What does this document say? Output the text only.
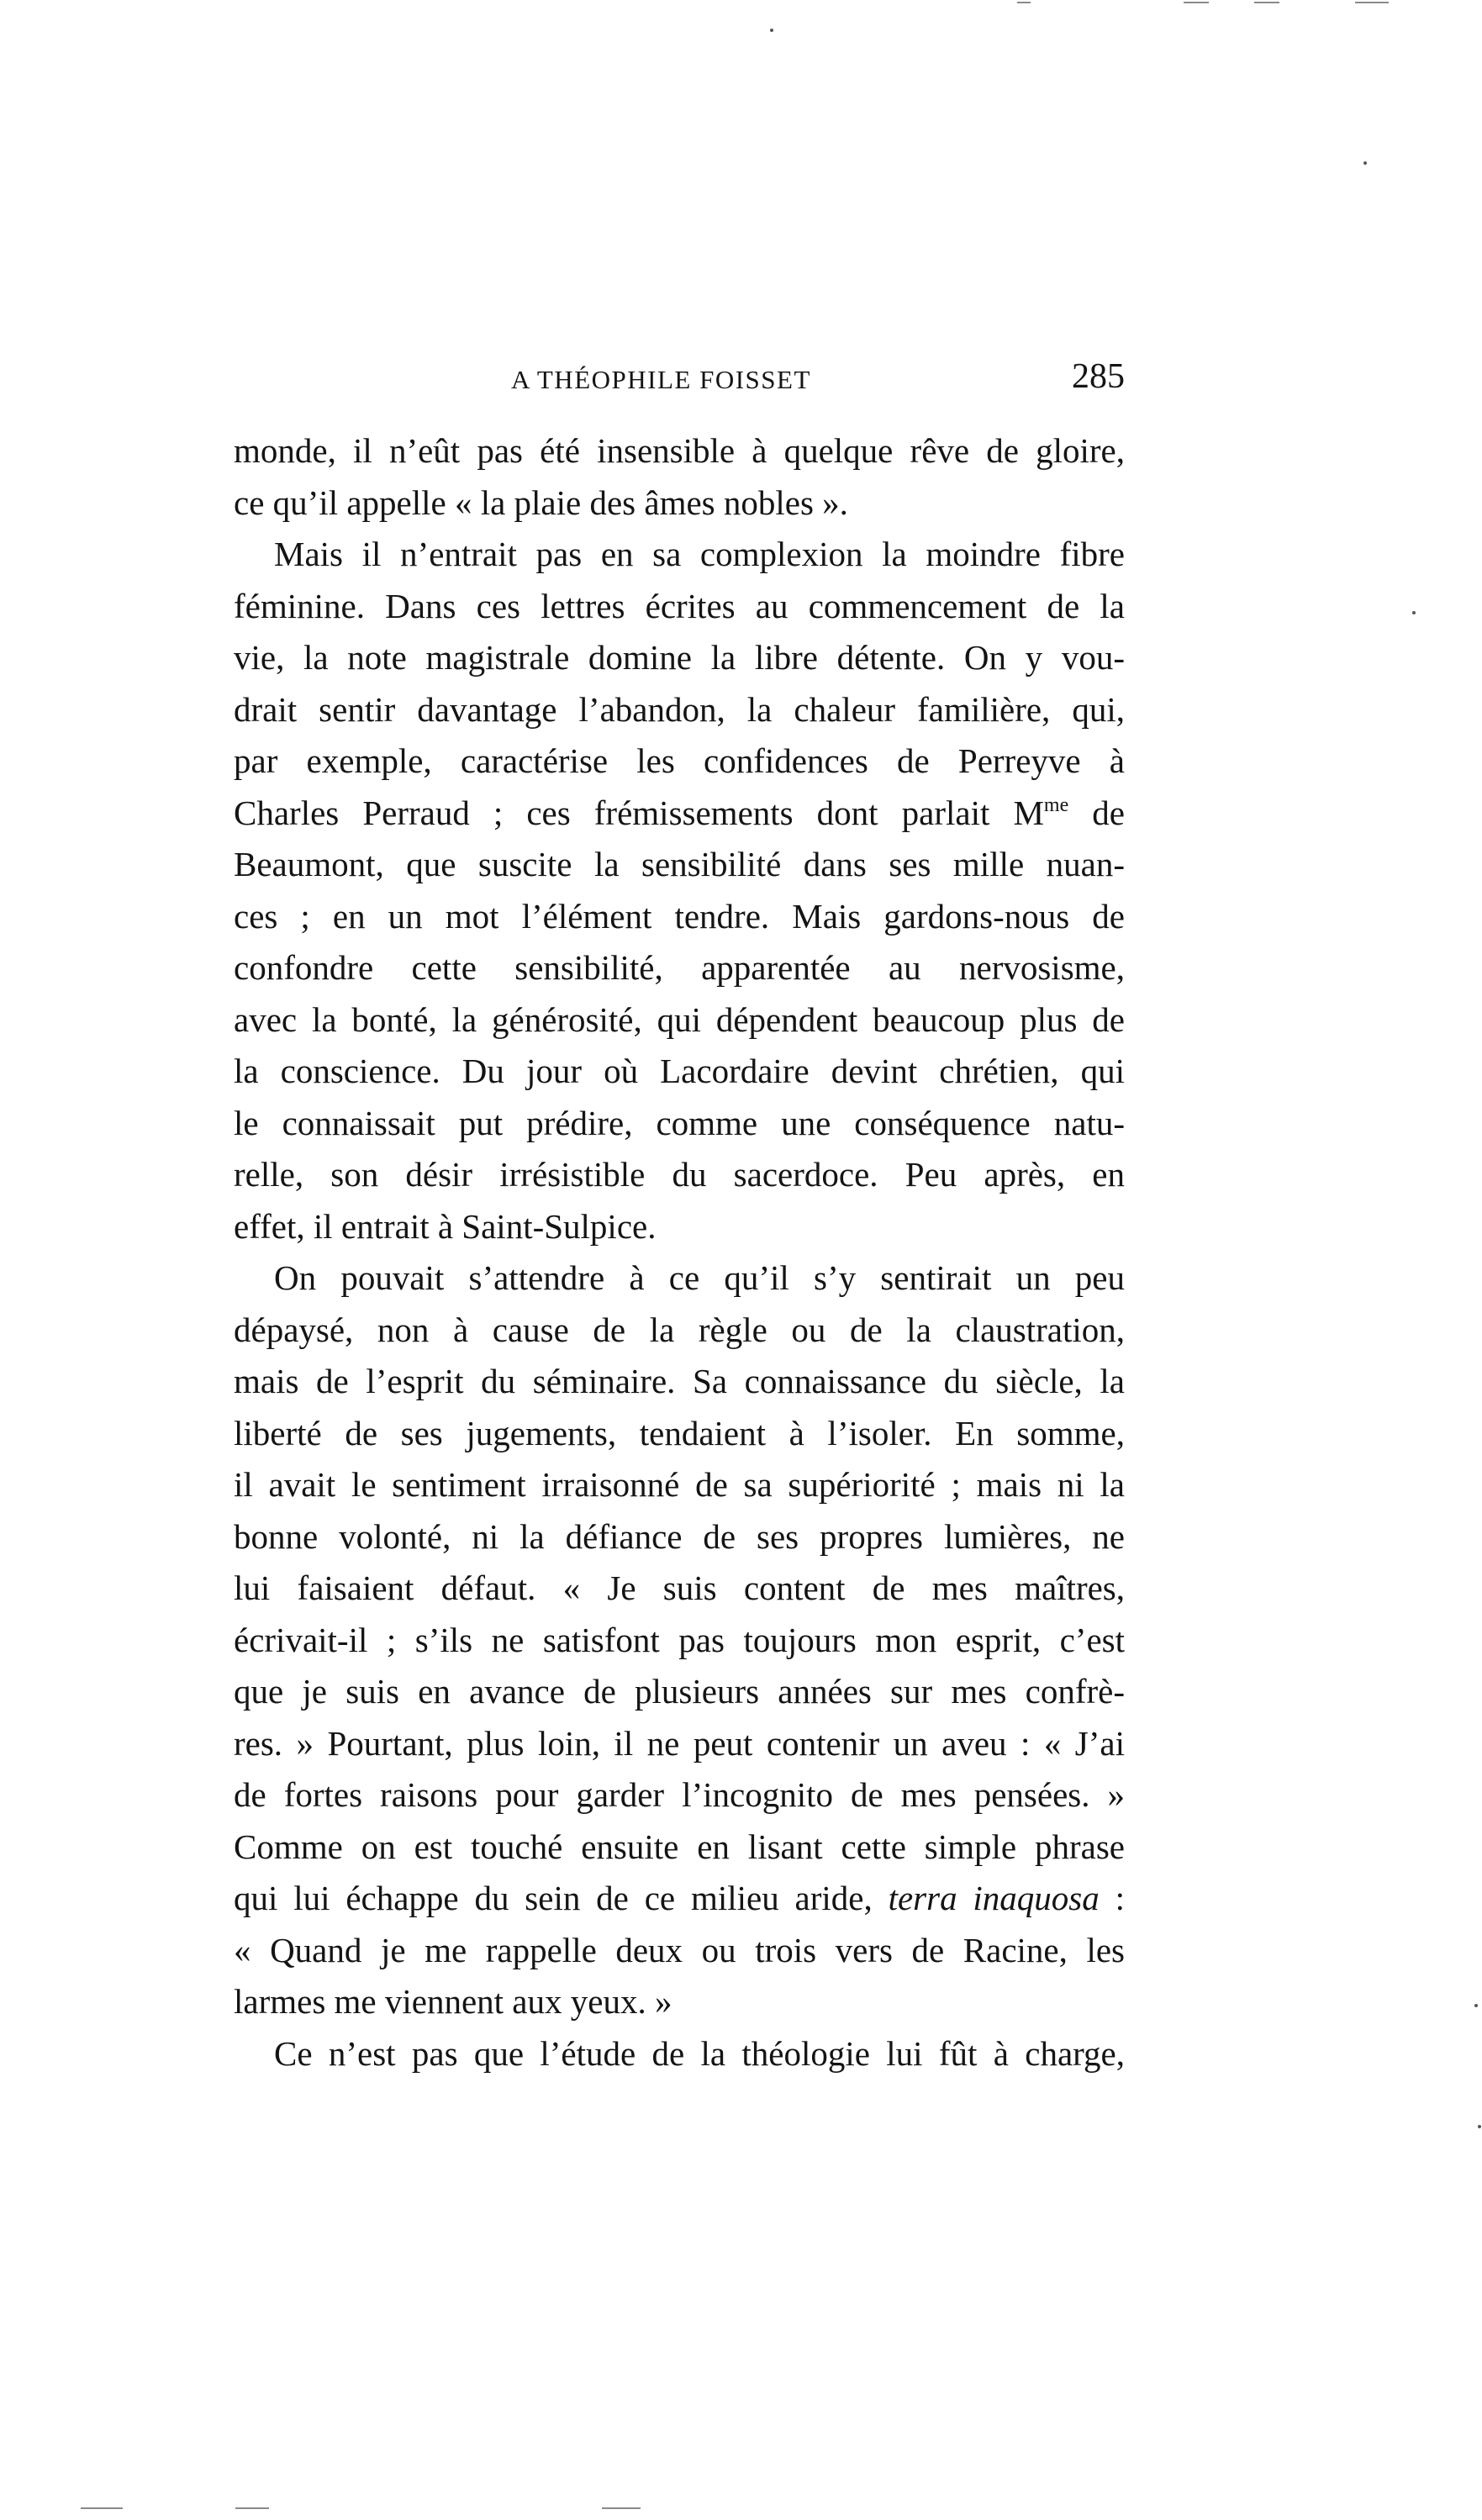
A THÉOPHILE FOISSET	285
monde, il n’eût pas été insensible à quelque rêve de gloire,
ce qu’il appelle « la plaie des âmes nobles ».
Mais il n’entrait pas en sa complexion la moindre fibre
féminine. Dans ces lettres écrites au commencement de la
vie, la note magistrale domine la libre détente. On y vou-
drait sentir davantage l’abandon, la chaleur familière, qui,
par exemple, caractérise les confidences de Perreyve à
Charles Perraud ; ces frémissements dont parlait $M^{me}$ de
Beaumont, que suscite la sensibilité dans ses mille nuan-
ces ; en un mot l’élément tendre. Mais gardons-nous de
confondre cette sensibilité, apparentée au nervosisme,
avec la bonté, la générosité, qui dépendent beaucoup plus de
la conscience. Du jour où Lacordaire devint chrétien, qui
le connaissait put prédire, comme une conséquence natu-
relle, son désir irrésistible du sacerdoce. Peu après, en
effet, il entrait à Saint-Sulpice.
On pouvait s’attendre à ce qu’il s’y sentirait un peu
dépaysé, non à cause de la règle ou de la claustration,
mais de l’esprit du séminaire. Sa connaissance du siècle, la
liberté de ses jugements, tendaient à l’isoler. En somme,
il avait le sentiment irraisonné de sa supériorité ; mais ni la
bonne volonté, ni la défiance de ses propres lumières, ne
lui faisaient défaut. « Je suis content de mes maîtres,
écrivait-il ; s’ils ne satisfont pas toujours mon esprit, c’est
que je suis en avance de plusieurs années sur mes confrè-
res. » Pourtant, plus loin, il ne peut contenir un aveu : « J’ai
de fortes raisons pour garder l’incognito de mes pensées. »
Comme on est touché ensuite en lisant cette simple phrase
qui lui échappe du sein de ce milieu aride, terra inaquosa :
« Quand je me rappelle deux ou trois vers de Racine, les
larmes me viennent aux yeux. »
Ce n’est pas que l’étude de la théologie lui fût à charge,
